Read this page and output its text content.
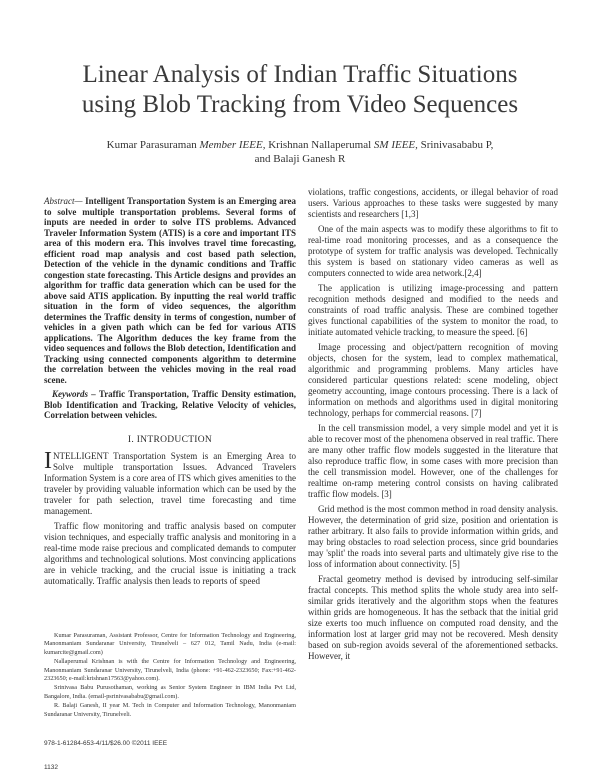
Linear Analysis of Indian Traffic Situations
using Blob Tracking from Video Sequences
Kumar Parasuraman Member IEEE, Krishnan Nallaperumal SM IEEE, Srinivasababu P,
and Balaji Ganesh R

Abstract— Intelligent Transportation System is an Emerging area to solve multiple transportation problems. Several forms of inputs are needed in order to solve ITS problems. Advanced Traveler Information System (ATIS) is a core and important ITS area of this modern era. This involves travel time forecasting, efficient road map analysis and cost based path selection, Detection of the vehicle in the dynamic conditions and Traffic congestion state forecasting. This Article designs and provides an algorithm for traffic data generation which can be used for the above said ATIS application. By inputting the real world traffic situation in the form of video sequences, the algorithm determines the Traffic density in terms of congestion, number of vehicles in a given path which can be fed for various ATIS applications. The Algorithm deduces the key frame from the video sequences and follows the Blob detection, Identification and Tracking using connected components algorithm to determine the correlation between the vehicles moving in the real road scene.

Keywords – Traffic Transportation, Traffic Density estimation, Blob Identification and Tracking, Relative Velocity of vehicles, Correlation between vehicles.

I. INTRODUCTION

INTELLIGENT Transportation System is an Emerging Area to Solve multiple transportation Issues. Advanced Travelers Information System is a core area of ITS which gives amenities to the traveler by providing valuable information which can be used by the traveler for path selection, travel time forecasting and time management.

Traffic flow monitoring and traffic analysis based on computer vision techniques, and especially traffic analysis and monitoring in a real-time mode raise precious and complicated demands to computer algorithms and technological solutions. Most convincing applications are in vehicle tracking, and the crucial issue is initiating a track automatically. Traffic analysis then leads to reports of speed

Kumar Parasuraman, Assistant Professor, Centre for Information Technology and Engineering, Manonmaniam Sundaranar University, Tirunelveli – 627 012, Tamil Nadu, India (e-mail: kumarcite@gmail.com)

Nallaperumal Krishnan is with the Centre for Information Technology and Engineering, Manonmaniam Sundaranar University, Tirunelveli, India (phone: +91-462-2323650; Fax:+91-462-2323650; e-mail:krishnan17563@yahoo.com).

Srinivasa Babu Purusothaman, working as Senior System Engineer in IBM India Pvt Ltd, Bangalore, India. (email-psrinivasababu@gmail.com).

R. Balaji Ganesh, II year M. Tech in Computer and Information Technology, Manonmaniam Sundaranar University, Tirunelveli.

978-1-61284-653-4/11/$26.00 ©2011 IEEE
1132

violations, traffic congestions, accidents, or illegal behavior of road users. Various approaches to these tasks were suggested by many scientists and researchers [1,3]

One of the main aspects was to modify these algorithms to fit to real-time road monitoring processes, and as a consequence the prototype of system for traffic analysis was developed. Technically this system is based on stationary video cameras as well as computers connected to wide area network.[2,4]

The application is utilizing image-processing and pattern recognition methods designed and modified to the needs and constraints of road traffic analysis. These are combined together gives functional capabilities of the system to monitor the road, to initiate automated vehicle tracking, to measure the speed. [6]

Image processing and object/pattern recognition of moving objects, chosen for the system, lead to complex mathematical, algorithmic and programming problems. Many articles have considered particular questions related: scene modeling, object geometry accounting, image contours processing. There is a lack of information on methods and algorithms used in digital monitoring technology, perhaps for commercial reasons. [7]

In the cell transmission model, a very simple model and yet it is able to recover most of the phenomena observed in real traffic. There are many other traffic flow models suggested in the literature that also reproduce traffic flow, in some cases with more precision than the cell transmission model. However, one of the challenges for realtime on-ramp metering control consists on having calibrated traffic flow models. [3]

Grid method is the most common method in road density analysis. However, the determination of grid size, position and orientation is rather arbitrary. It also fails to provide information within grids, and may bring obstacles to road selection process, since grid boundaries may 'split' the roads into several parts and ultimately give rise to the loss of information about connectivity. [5]

Fractal geometry method is devised by introducing self-similar fractal concepts. This method splits the whole study area into self-similar grids iteratively and the algorithm stops when the features within grids are homogeneous. It has the setback that the initial grid size exerts too much influence on computed road density, and the information lost at larger grid may not be recovered. Mesh density based on sub-region avoids several of the aforementioned setbacks. However, it
